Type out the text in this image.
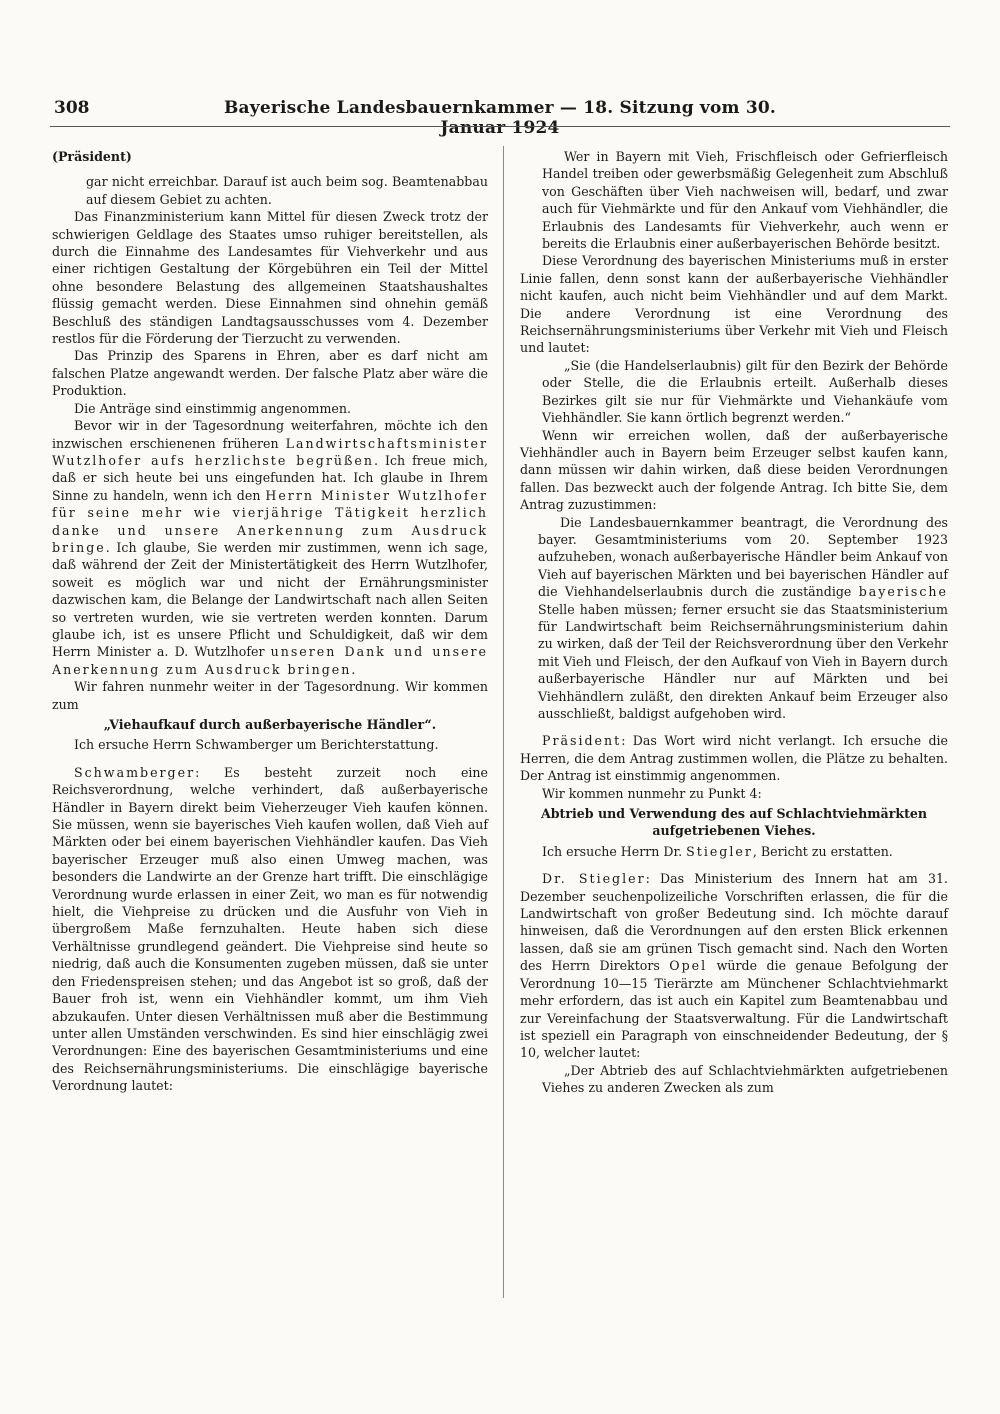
308	Bayerische Landesbauernkammer — 18. Sitzung vom 30. Januar 1924
(Präsident)

gar nicht erreichbar. Darauf ist auch beim sog. Beamtenabbau auf diesem Gebiet zu achten.

Das Finanzministerium kann Mittel für diesen Zweck trotz der schwierigen Geldlage des Staates umso ruhiger bereitstellen, als durch die Einnahme des Landesamtes für Viehverkehr und aus einer richtigen Gestaltung der Körgebühren ein Teil der Mittel ohne besondere Belastung des allgemeinen Staatshaushaltes flüssig gemacht werden. Diese Einnahmen sind ohnehin gemäß Beschluß des ständigen Landtagsausschusses vom 4. Dezember restlos für die Förderung der Tierzucht zu verwenden.

Das Prinzip des Sparens in Ehren, aber es darf nicht am falschen Platze angewandt werden. Der falsche Platz aber wäre die Produktion.

Die Anträge sind einstimmig angenommen.

Bevor wir in der Tagesordnung weiterfahren, möchte ich den inzwischen erschienenen früheren Landwirtschaftsminister Wutzlhofer aufs herzlichste begrüßen. Ich freue mich, daß er sich heute bei uns eingefunden hat. Ich glaube in Ihrem Sinne zu handeln, wenn ich den Herrn Minister Wutzlhofer für seine mehr wie vierjährige Tätigkeit herzlich danke und unsere Anerkennung zum Ausdruck bringe. Ich glaube, Sie werden mir zustimmen, wenn ich sage, daß während der Zeit der Ministertätigkeit des Herrn Wutzlhofer, soweit es möglich war und nicht der Ernährungsminister dazwischen kam, die Belange der Landwirtschaft nach allen Seiten so vertreten wurden, wie sie vertreten werden konnten. Darum glaube ich, ist es unsere Pflicht und Schuldigkeit, daß wir dem Herrn Minister a. D. Wutzlhofer unseren Dank und unsere Anerkennung zum Ausdruck bringen.

Wir fahren nunmehr weiter in der Tagesordnung. Wir kommen zum

„Viehaufkauf durch außerbayerische Händler“.

Ich ersuche Herrn Schwamberger um Berichterstattung.

Schwamberger: Es besteht zurzeit noch eine Reichsverordnung, welche verhindert, daß außerbayerische Händler in Bayern direkt beim Vieherzeuger Vieh kaufen können. Sie müssen, wenn sie bayerisches Vieh kaufen wollen, daß Vieh auf Märkten oder bei einem bayerischen Viehhändler kaufen. Das Vieh bayerischer Erzeuger muß also einen Umweg machen, was besonders die Landwirte an der Grenze hart trifft. Die einschlägige Verordnung wurde erlassen in einer Zeit, wo man es für notwendig hielt, die Viehpreise zu drücken und die Ausfuhr von Vieh in übergroßem Maße fernzuhalten. Heute haben sich diese Verhältnisse grundlegend geändert. Die Viehpreise sind heute so niedrig, daß auch die Konsumenten zugeben müssen, daß sie unter den Friedenspreisen stehen; und das Angebot ist so groß, daß der Bauer froh ist, wenn ein Viehhändler kommt, um ihm Vieh abzukaufen. Unter diesen Verhältnissen muß aber die Bestimmung unter allen Umständen verschwinden. Es sind hier einschlägig zwei Verordnungen: Eine des bayerischen Gesamtministeriums und eine des Reichsernährungsministeriums. Die einschlägige bayerische Verordnung lautet:

Wer in Bayern mit Vieh, Frischfleisch oder Gefrierfleisch Handel treiben oder gewerbsmäßig Gelegenheit zum Abschluß von Geschäften über Vieh nachweisen will, bedarf, und zwar auch für Viehmärkte und für den Ankauf vom Viehhändler, die Erlaubnis des Landesamts für Viehverkehr, auch wenn er bereits die Erlaubnis einer außerbayerischen Behörde besitzt.

Diese Verordnung des bayerischen Ministeriums muß in erster Linie fallen, denn sonst kann der außerbayerische Viehhändler nicht kaufen, auch nicht beim Viehhändler und auf dem Markt. Die andere Verordnung ist eine Verordnung des Reichsernährungsministeriums über Verkehr mit Vieh und Fleisch und lautet:

„Sie (die Handelserlaubnis) gilt für den Bezirk der Behörde oder Stelle, die die Erlaubnis erteilt. Außerhalb dieses Bezirkes gilt sie nur für Viehmärkte und Viehankäufe vom Viehhändler. Sie kann örtlich begrenzt werden.“

Wenn wir erreichen wollen, daß der außerbayerische Viehhändler auch in Bayern beim Erzeuger selbst kaufen kann, dann müssen wir dahin wirken, daß diese beiden Verordnungen fallen. Das bezweckt auch der folgende Antrag. Ich bitte Sie, dem Antrag zuzustimmen:

Die Landesbauernkammer beantragt, die Verordnung des bayer. Gesamtministeriums vom 20. September 1923 aufzuheben, wonach außerbayerische Händler beim Ankauf von Vieh auf bayerischen Märkten und bei bayerischen Händler auf die Viehhandelserlaubnis durch die zuständige bayerische Stelle haben müssen; ferner ersucht sie das Staatsministerium für Landwirtschaft beim Reichsernährungsministerium dahin zu wirken, daß der Teil der Reichsverordnung über den Verkehr mit Vieh und Fleisch, der den Aufkauf von Vieh in Bayern durch außerbayerische Händler nur auf Märkten und bei Viehhändlern zuläßt, den direkten Ankauf beim Erzeuger also ausschließt, baldigst aufgehoben wird.

Präsident: Das Wort wird nicht verlangt. Ich ersuche die Herren, die dem Antrag zustimmen wollen, die Plätze zu behalten. Der Antrag ist einstimmig angenommen.

Wir kommen nunmehr zu Punkt 4:

Abtrieb und Verwendung des auf Schlachtviehmärkten aufgetriebenen Viehes.

Ich ersuche Herrn Dr. Stiegler, Bericht zu erstatten.

Dr. Stiegler: Das Ministerium des Innern hat am 31. Dezember seuchenpolizeiliche Vorschriften erlassen, die für die Landwirtschaft von großer Bedeutung sind. Ich möchte darauf hinweisen, daß die Verordnungen auf den ersten Blick erkennen lassen, daß sie am grünen Tisch gemacht sind. Nach den Worten des Herrn Direktors Opel würde die genaue Befolgung der Verordnung 10—15 Tierärzte am Münchener Schlachtviehmarkt mehr erfordern, das ist auch ein Kapitel zum Beamtenabbau und zur Vereinfachung der Staatsverwaltung. Für die Landwirtschaft ist speziell ein Paragraph von einschneidender Bedeutung, der § 10, welcher lautet:

„Der Abtrieb des auf Schlachtviehmärkten aufgetriebenen Viehes zu anderen Zwecken als zum
